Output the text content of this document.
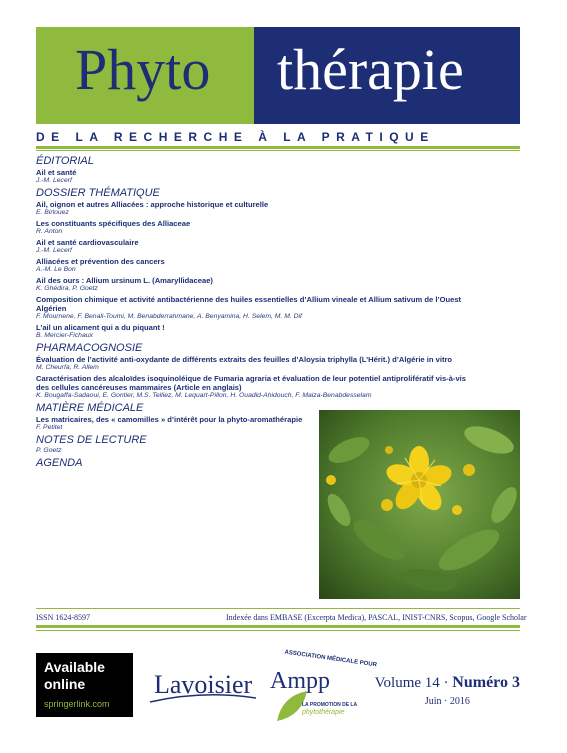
Phyto thérapie
DE LA RECHERCHE À LA PRATIQUE
ÉDITORIAL
Ail et santé
J.-M. Lecerf
DOSSIER THÉMATIQUE
Ail, oignon et autres Alliacées : approche historique et culturelle
E. Birlouez
Les constituants spécifiques des Alliaceae
R. Anton
Ail et santé cardiovasculaire
J.-M. Lecerf
Alliacées et prévention des cancers
A.-M. Le Bon
Ail des ours : Allium ursinum L. (Amaryllidaceae)
K. Ghédira, P. Goetz
Composition chimique et activité antibactérienne des huiles essentielles d’Allium vineale et Allium sativum de l’Ouest Algérien
F. Mournene, F. Benali-Toumi, M. Benabderrahmane, A. Benyamina, H. Selem, M. M. Dif
L’ail un alicament qui a du piquant !
B. Mercier-Fichaux
PHARMACOGNOSIE
Évaluation de l’activité anti-oxydante de différents extraits des feuilles d’Aloysia triphylla (L’Hérit.) d’Algérie in vitro
M. Cheurfa, R. Allem
Caractérisation des alcaloïdes isoquinoléique de Fumaria agraria et évaluation de leur potentiel antiprolifératif vis-à-vis des cellules cancéreuses mammaires (Article en anglais)
K. Bougaffa-Sadaoui, E. Gontier, M.S. Telliez, M. Lequart-Pillon, H. Ouadid-Ahidouch, F. Maiza-Benabdesselam
MATIÈRE MÉDICALE
Les matricaires, des « camomilles » d’intérêt pour la phyto-aromathérapie
F. Petitet
NOTES DE LECTURE
P. Goetz
AGENDA
ISSN 1624-8597	Indexée dans EMBASE (Excerpta Medica), PASCAL, INIST-CNRS, Scopus, Google Scholar
Available
online
springerlink.com
Lavoisier
ASSOCIATION MÉDICALE POUR
Ampp
LA PROMOTION DE LA
phytothérapie
Volume 14 · Numéro 3
Juin · 2016
